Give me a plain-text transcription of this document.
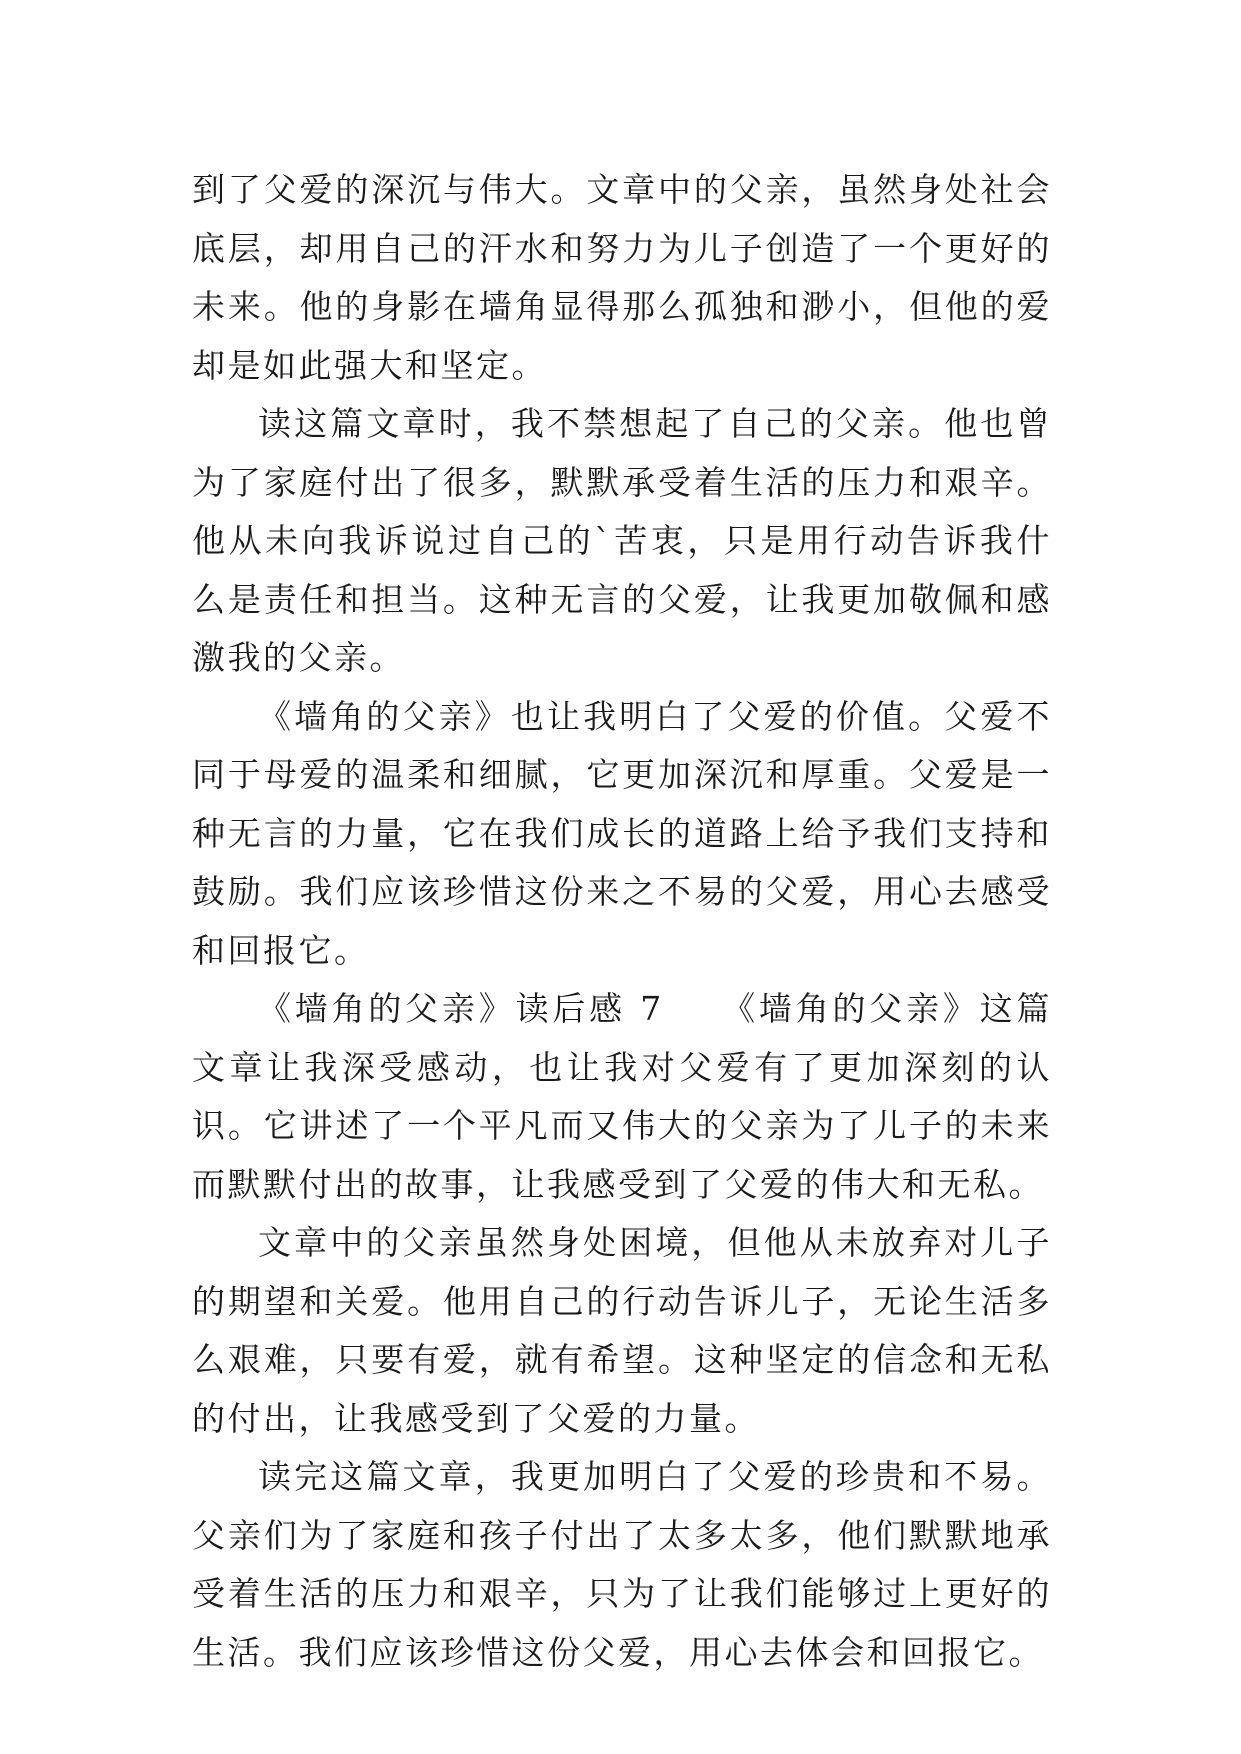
到了父爱的深沉与伟大。文章中的父亲，虽然身处社会底层，却用自己的汗水和努力为儿子创造了一个更好的未来。他的身影在墙角显得那么孤独和渺小，但他的爱却是如此强大和坚定。

读这篇文章时，我不禁想起了自己的父亲。他也曾为了家庭付出了很多，默默承受着生活的压力和艰辛。他从未向我诉说过自己的`苦衷，只是用行动告诉我什么是责任和担当。这种无言的父爱，让我更加敬佩和感激我的父亲。

《墙角的父亲》也让我明白了父爱的价值。父爱不同于母爱的温柔和细腻，它更加深沉和厚重。父爱是一种无言的力量，它在我们成长的道路上给予我们支持和鼓励。我们应该珍惜这份来之不易的父爱，用心去感受和回报它。

《墙角的父亲》读后感 7　　《墙角的父亲》这篇文章让我深受感动，也让我对父爱有了更加深刻的认识。它讲述了一个平凡而又伟大的父亲为了儿子的未来而默默付出的故事，让我感受到了父爱的伟大和无私。

文章中的父亲虽然身处困境，但他从未放弃对儿子的期望和关爱。他用自己的行动告诉儿子，无论生活多么艰难，只要有爱，就有希望。这种坚定的信念和无私的付出，让我感受到了父爱的力量。

读完这篇文章，我更加明白了父爱的珍贵和不易。父亲们为了家庭和孩子付出了太多太多，他们默默地承受着生活的压力和艰辛，只为了让我们能够过上更好的生活。我们应该珍惜这份父爱，用心去体会和回报它。
